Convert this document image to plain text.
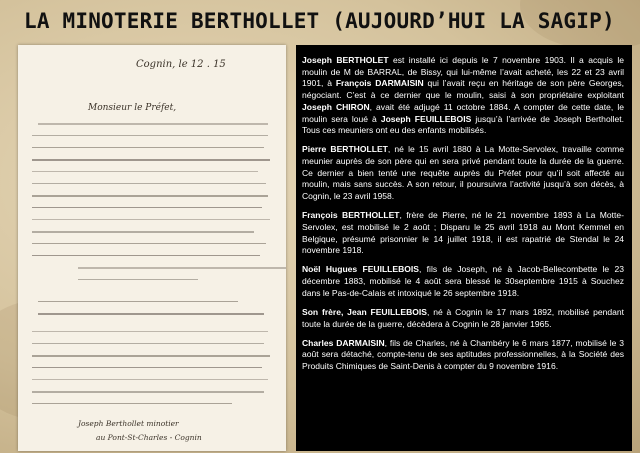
LA MINOTERIE BERTHOLLET (AUJOURD’HUI LA SAGIP)
Cognin, le 12 . 15
Monsieur le Préfet,
Joseph Berthollet minotier
au Pont-St-Charles - Cognin

Joseph BERTHOLET est installé ici depuis le 7 novembre 1903. Il a acquis le moulin de M de BARRAL, de Bissy, qui lui-même l’avait acheté, les 22 et 23 avril 1901, à François DARMAISIN qui l’avait reçu en héritage de son père Georges, négociant. C’est à ce dernier que le moulin, saisi à son propriétaire exploitant Joseph CHIRON, avait été adjugé 11 octobre 1884. A compter de cette date, le moulin sera loué à Joseph FEUILLEBOIS jusqu’à l’arrivée de Joseph Berthollet. Tous ces meuniers ont eu des enfants mobilisés.

Pierre BERTHOLLET, né le 15 avril 1880 à La Motte-Servolex, travaille comme meunier auprès de son père qui en sera privé pendant toute la durée de la guerre. Ce dernier a bien tenté une requête auprès du Préfet pour qu’il soit affecté au moulin, mais sans succès. A son retour, il poursuivra l’activité jusqu’à son décès, à Cognin, le 23 avril 1958.

François BERTHOLLET, frère de Pierre, né le 21 novembre 1893 à La Motte-Servolex, est mobilisé le 2 août ; Disparu le 25 avril 1918 au Mont Kemmel en Belgique, présumé prisonnier le 14 juillet 1918, il est rapatrié de Stendal le 24 novembre 1918.

Noël Hugues FEUILLEBOIS, fils de Joseph, né à Jacob-Bellecombette le 23 décembre 1883, mobilisé le 4 août sera blessé le 30septembre 1915 à Souchez dans le Pas-de-Calais et intoxiqué le 26 septembre 1918.

Son frère, Jean FEUILLEBOIS, né à Cognin le 17 mars 1892, mobilisé pendant toute la durée de la guerre, décèdera à Cognin le 28 janvier 1965.

Charles DARMAISIN, fils de Charles, né à Chambéry le 6 mars 1877, mobilisé le 3 août sera détaché, compte-tenu de ses aptitudes professionnelles, à la Société des Produits Chimiques de Saint-Denis à compter du 9 novembre 1916.
